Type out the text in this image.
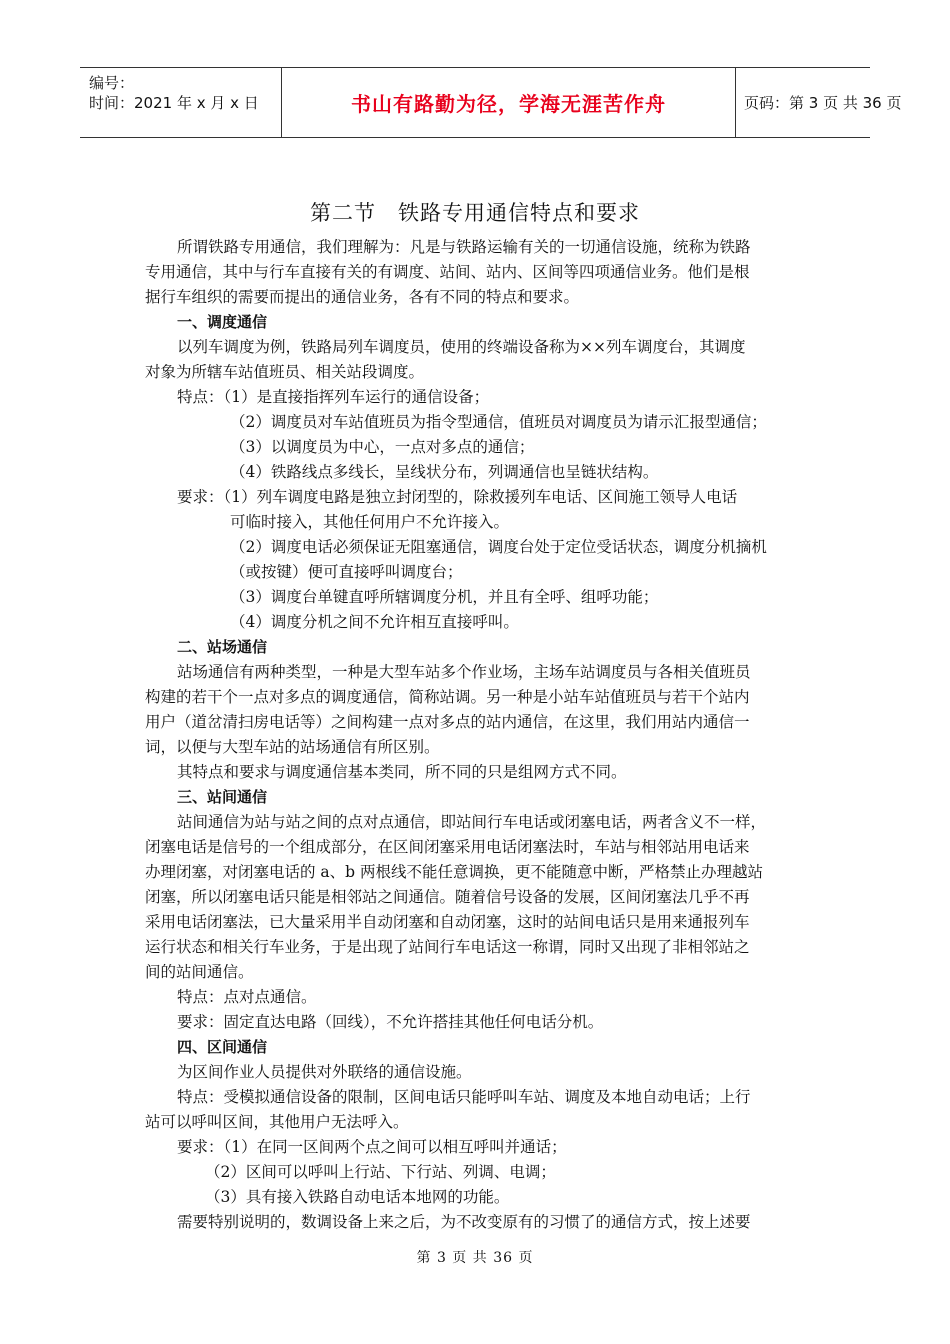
编号：
时间：2021 年 x 月 x 日	书山有路勤为径，学海无涯苦作舟	页码：第 3 页 共 36 页
第二节　铁路专用通信特点和要求
所谓铁路专用通信，我们理解为：凡是与铁路运输有关的一切通信设施，统称为铁路
专用通信，其中与行车直接有关的有调度、站间、站内、区间等四项通信业务。他们是根
据行车组织的需要而提出的通信业务，各有不同的特点和要求。
一、调度通信
以列车调度为例，铁路局列车调度员，使用的终端设备称为××列车调度台，其调度
对象为所辖车站值班员、相关站段调度。
特点：（1）是直接指挥列车运行的通信设备；
（2）调度员对车站值班员为指令型通信，值班员对调度员为请示汇报型通信；
（3）以调度员为中心，一点对多点的通信；
（4）铁路线点多线长，呈线状分布，列调通信也呈链状结构。
要求：（1）列车调度电路是独立封闭型的，除救援列车电话、区间施工领导人电话
可临时接入，其他任何用户不允许接入。
（2）调度电话必须保证无阻塞通信，调度台处于定位受话状态，调度分机摘机
（或按键）便可直接呼叫调度台；
（3）调度台单键直呼所辖调度分机，并且有全呼、组呼功能；
（4）调度分机之间不允许相互直接呼叫。
二、站场通信
站场通信有两种类型，一种是大型车站多个作业场，主场车站调度员与各相关值班员
构建的若干个一点对多点的调度通信，简称站调。另一种是小站车站值班员与若干个站内
用户（道岔清扫房电话等）之间构建一点对多点的站内通信，在这里，我们用站内通信一
词，以便与大型车站的站场通信有所区别。
其特点和要求与调度通信基本类同，所不同的只是组网方式不同。
三、站间通信
站间通信为站与站之间的点对点通信，即站间行车电话或闭塞电话，两者含义不一样，
闭塞电话是信号的一个组成部分，在区间闭塞采用电话闭塞法时，车站与相邻站用电话来
办理闭塞，对闭塞电话的 a、b 两根线不能任意调换，更不能随意中断，严格禁止办理越站
闭塞，所以闭塞电话只能是相邻站之间通信。随着信号设备的发展，区间闭塞法几乎不再
采用电话闭塞法，已大量采用半自动闭塞和自动闭塞，这时的站间电话只是用来通报列车
运行状态和相关行车业务，于是出现了站间行车电话这一称谓，同时又出现了非相邻站之
间的站间通信。
特点：点对点通信。
要求：固定直达电路（回线），不允许搭挂其他任何电话分机。
四、区间通信
为区间作业人员提供对外联络的通信设施。
特点：受模拟通信设备的限制，区间电话只能呼叫车站、调度及本地自动电话；上行
站可以呼叫区间，其他用户无法呼入。
要求：（1）在同一区间两个点之间可以相互呼叫并通话；
（2）区间可以呼叫上行站、下行站、列调、电调；
（3）具有接入铁路自动电话本地网的功能。
需要特别说明的，数调设备上来之后，为不改变原有的习惯了的通信方式，按上述要
第 3 页 共 36 页
